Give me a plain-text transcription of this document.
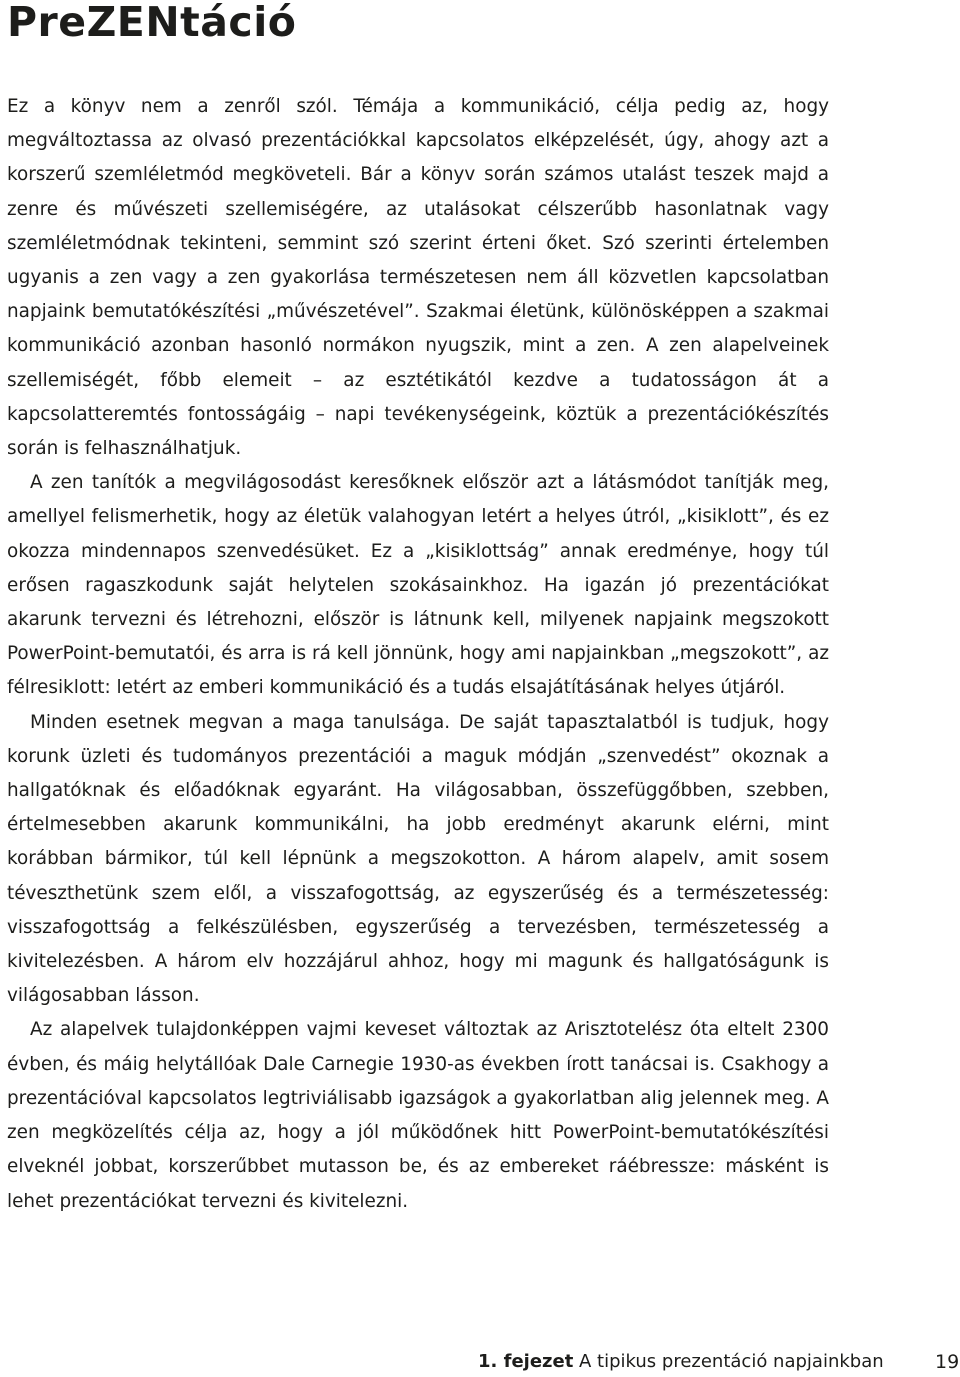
PreZENtáció

Ez a könyv nem a zenről szól. Témája a kommunikáció, célja pedig az, hogy megváltoztassa az olvasó prezentációkkal kapcsolatos elképzelését, úgy, ahogy azt a korszerű szemléletmód megköveteli. Bár a könyv során számos utalást teszek majd a zenre és művészeti szellemiségére, az utalásokat célszerűbb hasonlatnak vagy szemléletmódnak tekinteni, semmint szó szerint érteni őket. Szó szerinti értelemben ugyanis a zen vagy a zen gyakorlása természetesen nem áll közvetlen kapcsolatban napjaink bemutatókészítési „művészetével”. Szakmai életünk, különösképpen a szakmai kommunikáció azonban hasonló normákon nyugszik, mint a zen. A zen alapelveinek szellemiségét, főbb elemeit – az esztétikától kezdve a tudatosságon át a kapcsolatteremtés fontosságáig – napi tevékenységeink, köztük a prezentációkészítés során is felhasználhatjuk.

A zen tanítók a megvilágosodást keresőknek először azt a látásmódot tanítják meg, amellyel felismerhetik, hogy az életük valahogyan letért a helyes útról, „kisiklott”, és ez okozza mindennapos szenvedésüket. Ez a „kisiklottság” annak eredménye, hogy túl erősen ragaszkodunk saját helytelen szokásainkhoz. Ha igazán jó prezentációkat akarunk tervezni és létrehozni, először is látnunk kell, milyenek napjaink megszokott PowerPoint-bemutatói, és arra is rá kell jönnünk, hogy ami napjainkban „megszokott”, az félresiklott: letért az emberi kommunikáció és a tudás elsajátításának helyes útjáról.

Minden esetnek megvan a maga tanulsága. De saját tapasztalatból is tudjuk, hogy korunk üzleti és tudományos prezentációi a maguk módján „szenvedést” okoznak a hallgatóknak és előadóknak egyaránt. Ha világosabban, összefüggőbben, szebben, értelmesebben akarunk kommunikálni, ha jobb eredményt akarunk elérni, mint korábban bármikor, túl kell lépnünk a megszokotton. A három alapelv, amit sosem téveszthetünk szem elől, a visszafogottság, az egyszerűség és a természetesség: visszafogottság a felkészülésben, egyszerűség a tervezésben, természetesség a kivitelezésben. A három elv hozzájárul ahhoz, hogy mi magunk és hallgatóságunk is világosabban lásson.

Az alapelvek tulajdonképpen vajmi keveset változtak az Arisztotelész óta eltelt 2300 évben, és máig helytállóak Dale Carnegie 1930-as években írott tanácsai is. Csakhogy a prezentációval kapcsolatos legtriviálisabb igazságok a gyakorlatban alig jelennek meg. A zen megközelítés célja az, hogy a jól működőnek hitt PowerPoint-bemutatókészítési elveknél jobbat, korszerűbbet mutasson be, és az embereket ráébressze: másként is lehet prezentációkat tervezni és kivitelezni.

1. fejezet A tipikus prezentáció napjainkban	19
